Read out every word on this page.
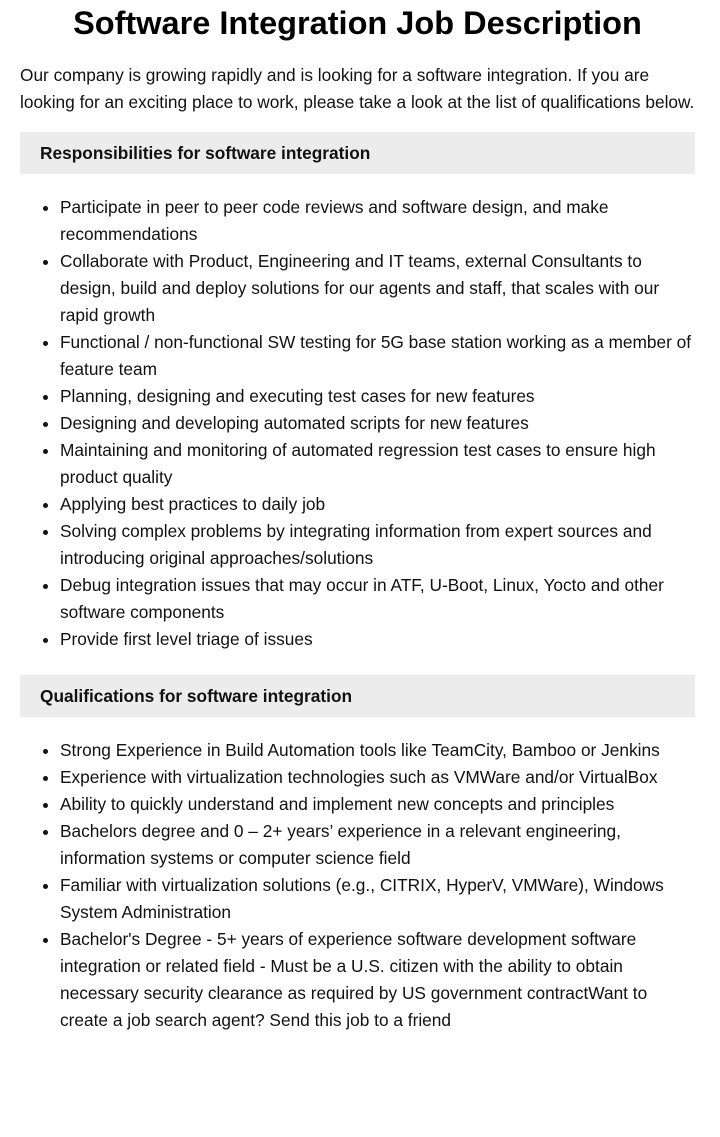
Software Integration Job Description

Our company is growing rapidly and is looking for a software integration. If you are looking for an exciting place to work, please take a look at the list of qualifications below.

Responsibilities for software integration
Participate in peer to peer code reviews and software design, and make recommendations
Collaborate with Product, Engineering and IT teams, external Consultants to design, build and deploy solutions for our agents and staff, that scales with our rapid growth
Functional / non-functional SW testing for 5G base station working as a member of feature team
Planning, designing and executing test cases for new features
Designing and developing automated scripts for new features
Maintaining and monitoring of automated regression test cases to ensure high product quality
Applying best practices to daily job
Solving complex problems by integrating information from expert sources and introducing original approaches/solutions
Debug integration issues that may occur in ATF, U-Boot, Linux, Yocto and other software components
Provide first level triage of issues
Qualifications for software integration
Strong Experience in Build Automation tools like TeamCity, Bamboo or Jenkins
Experience with virtualization technologies such as VMWare and/or VirtualBox
Ability to quickly understand and implement new concepts and principles
Bachelors degree and 0 – 2+ years’ experience in a relevant engineering, information systems or computer science field
Familiar with virtualization solutions (e.g., CITRIX, HyperV, VMWare), Windows System Administration
Bachelor's Degree - 5+ years of experience software development software integration or related field - Must be a U.S. citizen with the ability to obtain necessary security clearance as required by US government contractWant to create a job search agent? Send this job to a friend
